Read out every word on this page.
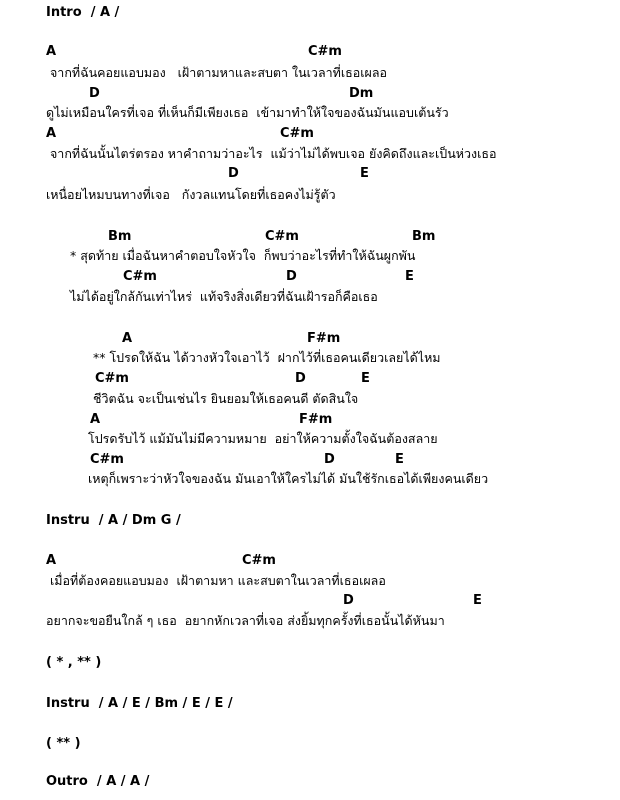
Intro  / A /
A	C#m
จากที่ฉันคอยแอบมอง   เฝ้าตามหาและสบตา ในเวลาที่เธอเผลอ
D	Dm
ดูไม่เหมือนใครที่เจอ ที่เห็นก็มีเพียงเธอ  เข้ามาทำให้ใจของฉันมันแอบเต้นรัว
A	C#m
จากที่ฉันนั้นไตร่ตรอง หาคำถามว่าอะไร  แม้ว่าไม่ได้พบเจอ ยังคิดถึงและเป็นห่วงเธอ
D	E
เหนื่อยไหมบนทางที่เจอ   กังวลแทนโดยที่เธอคงไม่รู้ตัว
Bm	C#m	Bm
* สุดท้าย เมื่อฉันหาคำตอบใจหัวใจ  ก็พบว่าอะไรที่ทำให้ฉันผูกพัน
C#m	D	E
ไม่ได้อยู่ใกล้กันเท่าไหร่  แท้จริงสิ่งเดียวที่ฉันเฝ้ารอก็คือเธอ
A	F#m
** โปรดให้ฉัน ได้วางหัวใจเอาไว้  ฝากไว้ที่เธอคนเดียวเลยได้ไหม
C#m	D	E
ชีวิตฉัน จะเป็นเช่นไร ยินยอมให้เธอคนดี ตัดสินใจ
A	F#m
โปรดรับไว้ แม้มันไม่มีความหมาย  อย่าให้ความตั้งใจฉันต้องสลาย
C#m	D	E
เหตุก็เพราะว่าหัวใจของฉัน มันเอาให้ใครไม่ได้ มันใช้รักเธอได้เพียงคนเดียว
Instru  / A / Dm G /
A	C#m
เมื่อที่ต้องคอยแอบมอง  เฝ้าตามหา และสบตาในเวลาที่เธอเผลอ
D	E
อยากจะขอยืนใกล้ ๆ เธอ  อยากหักเวลาที่เจอ ส่งยิ้มทุกครั้งที่เธอนั้นได้หันมา
( * , ** )
Instru  / A / E / Bm / E / E /
( ** )
Outro  / A / A /
